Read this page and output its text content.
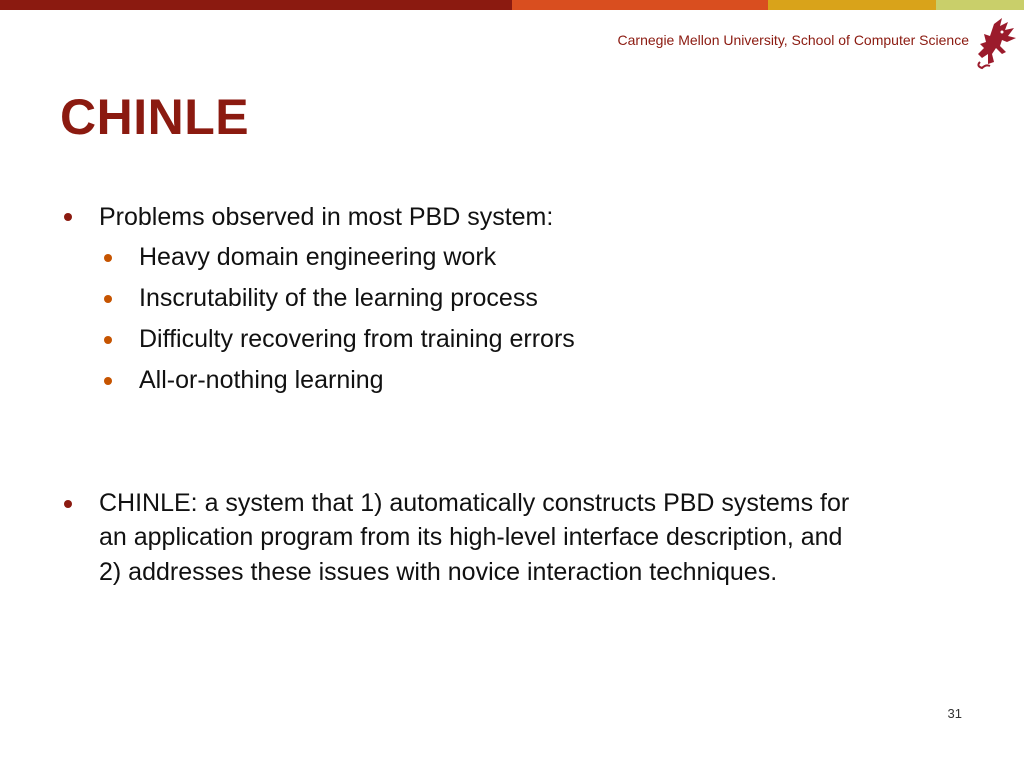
Carnegie Mellon University, School of Computer Science
CHINLE
Problems observed in most PBD system:
Heavy domain engineering work
Inscrutability of the learning process
Difficulty recovering from training errors
All-or-nothing learning
CHINLE: a system that 1) automatically constructs PBD systems for
an application program from its high-level interface description, and
2) addresses these issues with novice interaction techniques.
31
